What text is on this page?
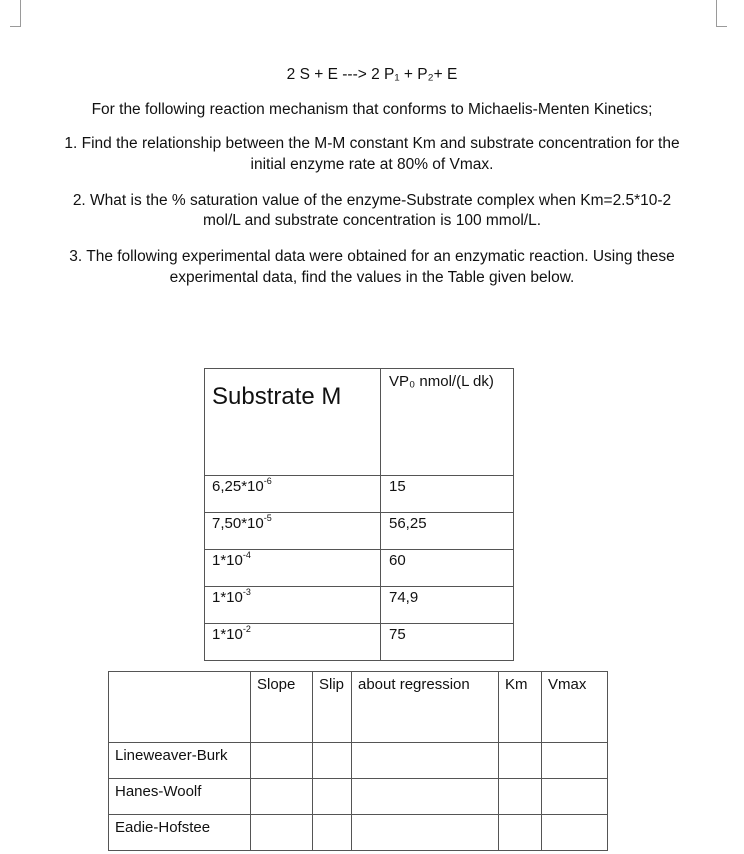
2 S + E ---> 2 P₁ + P₂+ E
For the following reaction mechanism that conforms to Michaelis-Menten Kinetics;
1. Find the relationship between the M-M constant Km and substrate concentration for the
initial enzyme rate at 80% of Vmax.
2. What is the % saturation value of the enzyme-Substrate complex when Km=2.5*10-2
mol/L and substrate concentration is 100 mmol/L.
3. The following experimental data were obtained for an enzymatic reaction. Using these
experimental data, find the values in the Table given below.
Substrate M	VP₀ nmol/(L dk)
$6,25*10^{-6}$	15
$7,50*10^{-5}$	56,25
$1*10^{-4}$	60
$1*10^{-3}$	74,9
$1*10^{-2}$	75
	Slope	Slip	about regression	Km	Vmax
Lineweaver-Burk					
Hanes-Woolf					
Eadie-Hofstee					
